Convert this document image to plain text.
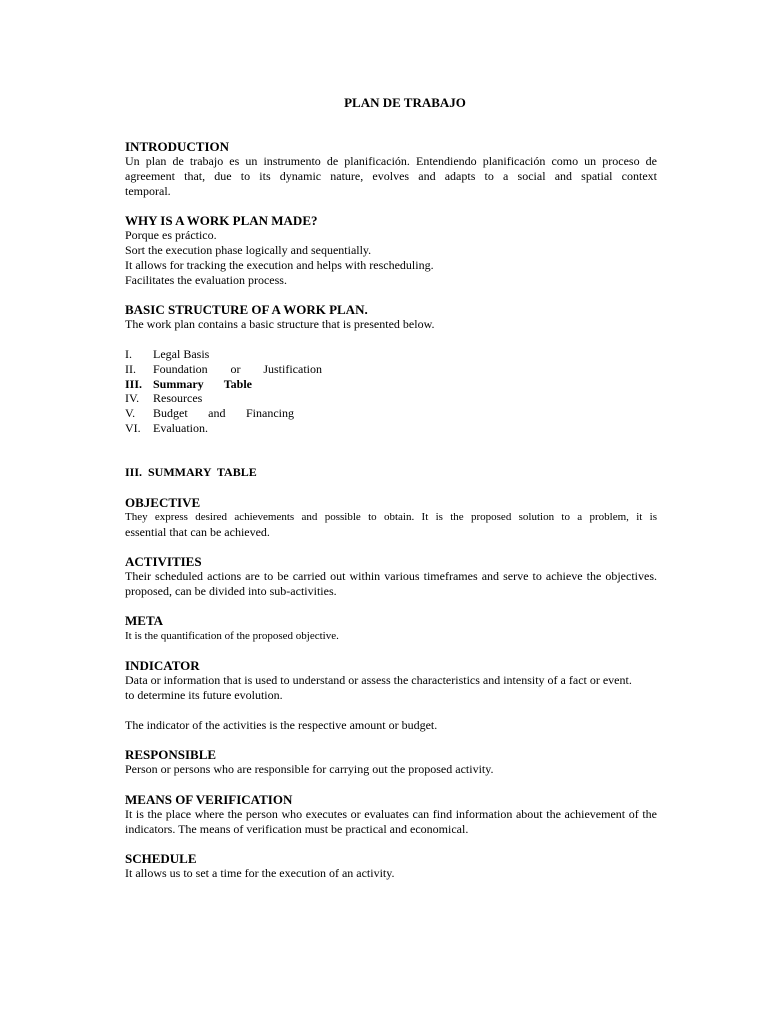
PLAN DE TRABAJO
INTRODUCTION
Un plan de trabajo es un instrumento de planificación. Entendiendo planificación como un proceso de
agreement that, due to its dynamic nature, evolves and adapts to a social and spatial context
temporal.
WHY IS A WORK PLAN MADE?
Porque es práctico.
Sort the execution phase logically and sequentially.
It allows for tracking the execution and helps with rescheduling.
Facilitates the evaluation process.
BASIC STRUCTURE OF A WORK PLAN.
The work plan contains a basic structure that is presented below.
I. Legal Basis
II. Foundation or Justification
III. Summary Table
IV. Resources
V. Budget and Financing
VI. Evaluation.
III.  SUMMARY  TABLE
OBJECTIVE
They express desired achievements and possible to obtain. It is the proposed solution to a problem, it is
essential that can be achieved.
ACTIVITIES
Their scheduled actions are to be carried out within various timeframes and serve to achieve the objectives.
proposed, can be divided into sub-activities.
META
It is the quantification of the proposed objective.
INDICATOR
Data or information that is used to understand or assess the characteristics and intensity of a fact or event.
to determine its future evolution.
The indicator of the activities is the respective amount or budget.
RESPONSIBLE
Person or persons who are responsible for carrying out the proposed activity.
MEANS OF VERIFICATION
It is the place where the person who executes or evaluates can find information about the achievement of the
indicators. The means of verification must be practical and economical.
SCHEDULE
It allows us to set a time for the execution of an activity.
